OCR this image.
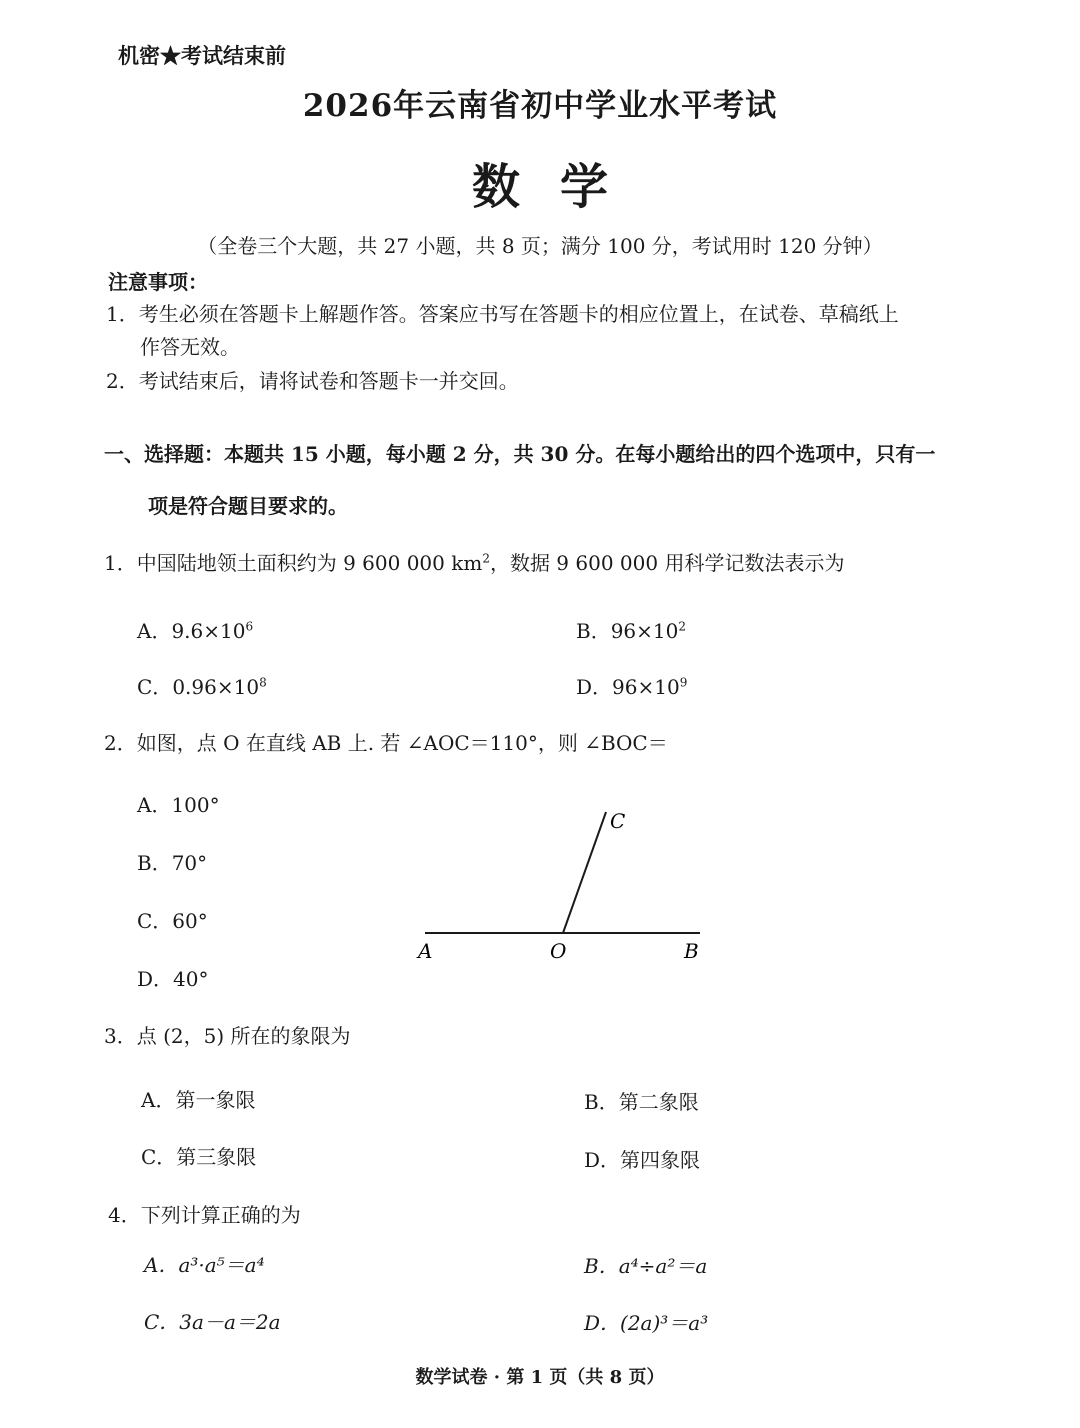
机密★考试结束前
2026年云南省初中学业水平考试
数学
（全卷三个大题，共 27 小题，共 8 页；满分 100 分，考试用时 120 分钟）
注意事项：
1．考生必须在答题卡上解题作答。答案应书写在答题卡的相应位置上，在试卷、草稿纸上
作答无效。
2．考试结束后，请将试卷和答题卡一并交回。
一、选择题：本题共 15 小题，每小题 2 分，共 30 分。在每小题给出的四个选项中，只有一
项是符合题目要求的。
1．中国陆地领土面积约为 9 600 000 $km^2$，数据 9 600 000 用科学记数法表示为
A．$9.6\times 10^6$	B．$96\times 10^2$
C．$0.96\times 10^8$	D．$96\times 10^9$
2．如图，点 O 在直线 AB 上. 若 ∠AOC＝110°，则 ∠BOC＝
A．100°
B．70°
C．60°
D．40°
A	O	B
C
3．点 (2，5) 所在的象限为
A．第一象限	B．第二象限
C．第三象限	D．第四象限
4．下列计算正确的为
A．a³·a⁵＝a⁴	B．a⁴÷a²＝a
C．3a－a＝2a	D．(2a)³＝a³
数学试卷 · 第 1 页（共 8 页）
